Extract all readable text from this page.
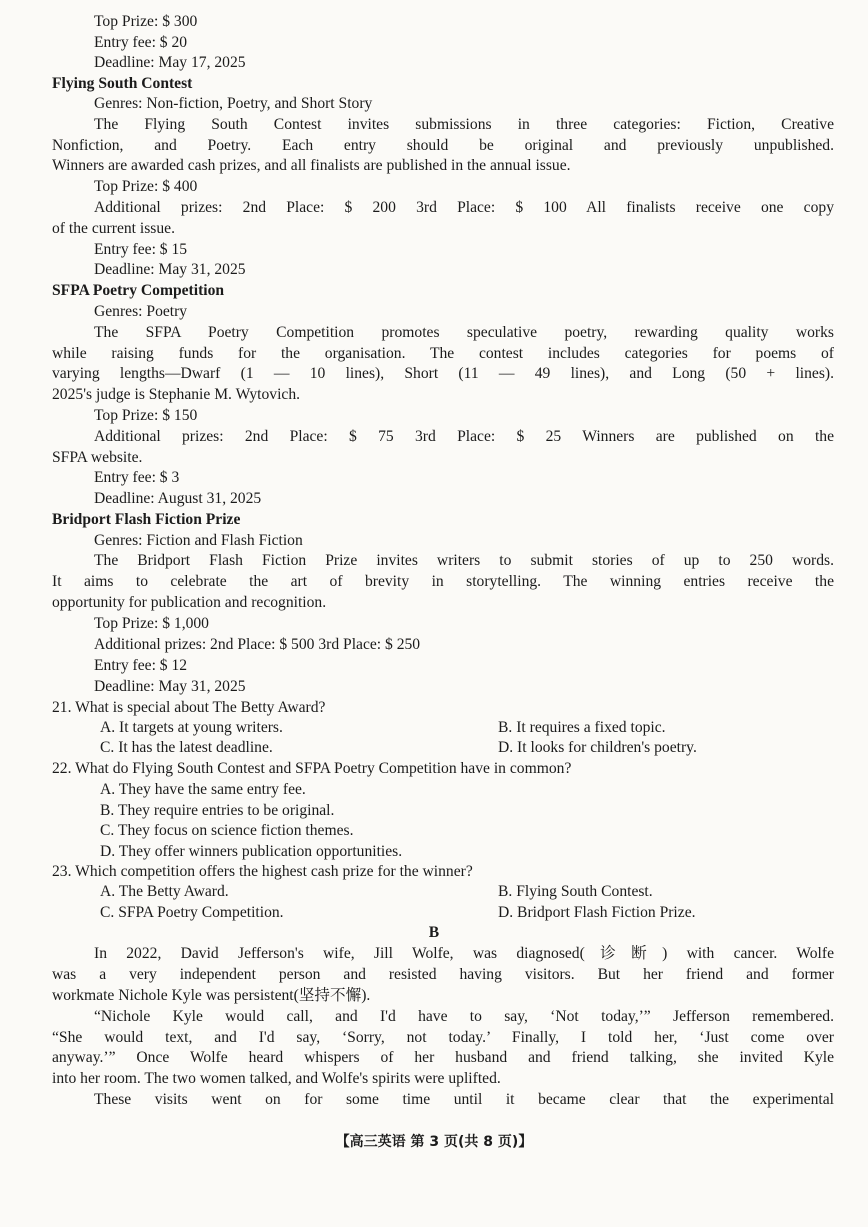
Top Prize: $ 300
Entry fee: $ 20
Deadline: May 17, 2025
Flying South Contest
Genres: Non-fiction, Poetry, and Short Story
The Flying South Contest invites submissions in three categories: Fiction, Creative
Nonfiction, and Poetry. Each entry should be original and previously unpublished.
Winners are awarded cash prizes, and all finalists are published in the annual issue.
Top Prize: $ 400
Additional prizes: 2nd Place: $ 200 3rd Place: $ 100 All finalists receive one copy
of the current issue.
Entry fee: $ 15
Deadline: May 31, 2025
SFPA Poetry Competition
Genres: Poetry
The SFPA Poetry Competition promotes speculative poetry, rewarding quality works
while raising funds for the organisation. The contest includes categories for poems of
varying lengths—Dwarf (1 — 10 lines), Short (11 — 49 lines), and Long (50 + lines).
2025's judge is Stephanie M. Wytovich.
Top Prize: $ 150
Additional prizes: 2nd Place: $ 75 3rd Place: $ 25 Winners are published on the
SFPA website.
Entry fee: $ 3
Deadline: August 31, 2025
Bridport Flash Fiction Prize
Genres: Fiction and Flash Fiction
The Bridport Flash Fiction Prize invites writers to submit stories of up to 250 words.
It aims to celebrate the art of brevity in storytelling. The winning entries receive the
opportunity for publication and recognition.
Top Prize: $ 1,000
Additional prizes: 2nd Place: $ 500 3rd Place: $ 250
Entry fee: $ 12
Deadline: May 31, 2025
21. What is special about The Betty Award?
A. It targets at young writers.	B. It requires a fixed topic.
C. It has the latest deadline.	D. It looks for children's poetry.
22. What do Flying South Contest and SFPA Poetry Competition have in common?
A. They have the same entry fee.
B. They require entries to be original.
C. They focus on science fiction themes.
D. They offer winners publication opportunities.
23. Which competition offers the highest cash prize for the winner?
A. The Betty Award.	B. Flying South Contest.
C. SFPA Poetry Competition.	D. Bridport Flash Fiction Prize.
B
In 2022, David Jefferson's wife, Jill Wolfe, was diagnosed(诊断) with cancer. Wolfe
was a very independent person and resisted having visitors. But her friend and former
workmate Nichole Kyle was persistent(坚持不懈).
“Nichole Kyle would call, and I'd have to say, ‘Not today,’” Jefferson remembered.
“She would text, and I'd say, ‘Sorry, not today.’ Finally, I told her, ‘Just come over
anyway.’” Once Wolfe heard whispers of her husband and friend talking, she invited Kyle
into her room. The two women talked, and Wolfe's spirits were uplifted.
These visits went on for some time until it became clear that the experimental
【高三英语 第 3 页(共 8 页)】
